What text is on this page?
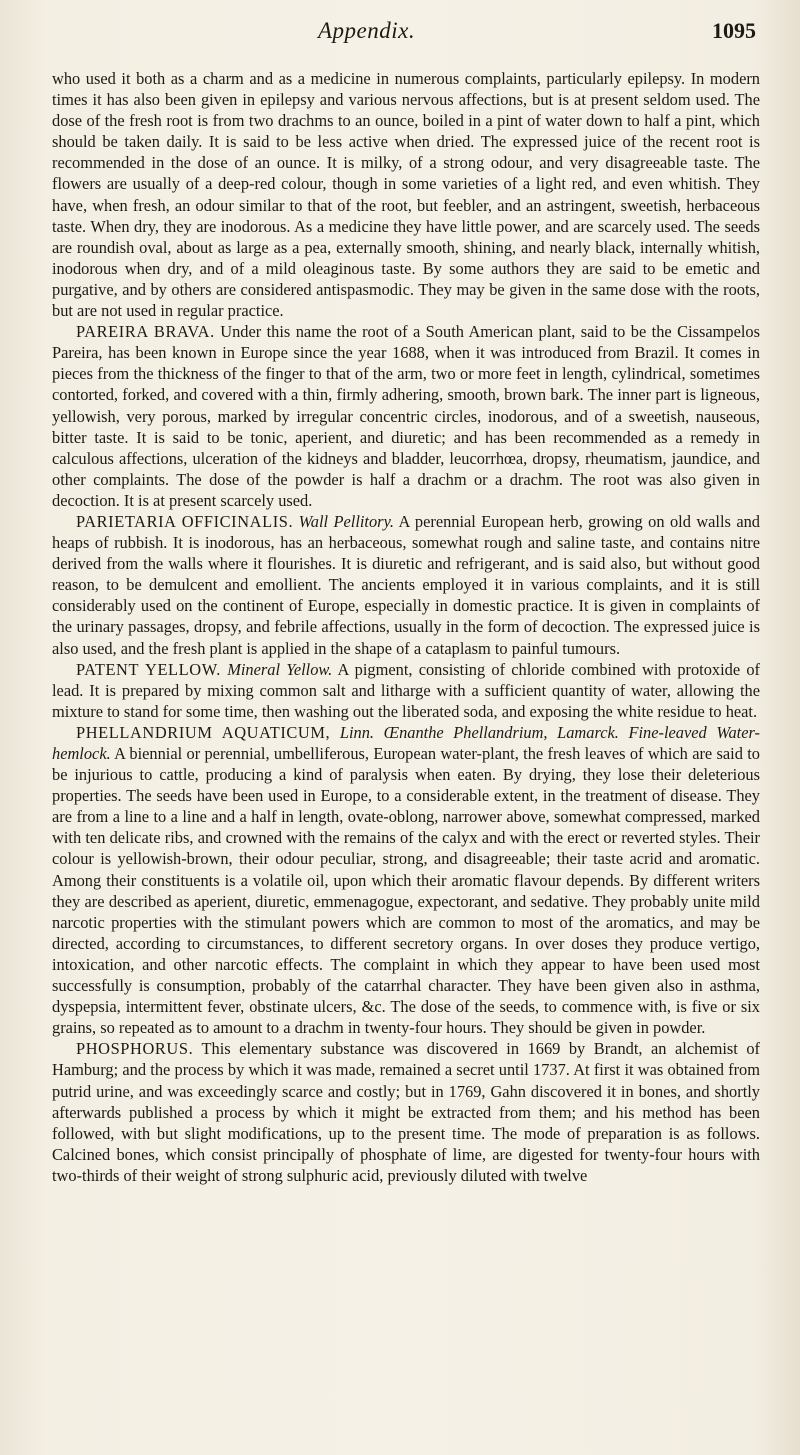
Appendix.	1095

who used it both as a charm and as a medicine in numerous complaints, particularly epilepsy. In modern times it has also been given in epilepsy and various nervous affections, but is at present seldom used. The dose of the fresh root is from two drachms to an ounce, boiled in a pint of water down to half a pint, which should be taken daily. It is said to be less active when dried. The expressed juice of the recent root is recommended in the dose of an ounce. It is milky, of a strong odour, and very disagreeable taste. The flowers are usually of a deep-red colour, though in some varieties of a light red, and even whitish. They have, when fresh, an odour similar to that of the root, but feebler, and an astringent, sweetish, herbaceous taste. When dry, they are inodorous. As a medicine they have little power, and are scarcely used. The seeds are roundish oval, about as large as a pea, externally smooth, shining, and nearly black, internally whitish, inodorous when dry, and of a mild oleaginous taste. By some authors they are said to be emetic and purgative, and by others are considered antispasmodic. They may be given in the same dose with the roots, but are not used in regular practice.

PAREIRA BRAVA. Under this name the root of a South American plant, said to be the Cissampelos Pareira, has been known in Europe since the year 1688, when it was introduced from Brazil. It comes in pieces from the thickness of the finger to that of the arm, two or more feet in length, cylindrical, sometimes contorted, forked, and covered with a thin, firmly adhering, smooth, brown bark. The inner part is ligneous, yellowish, very porous, marked by irregular concentric circles, inodorous, and of a sweetish, nauseous, bitter taste. It is said to be tonic, aperient, and diuretic; and has been recommended as a remedy in calculous affections, ulceration of the kidneys and bladder, leucorrhœa, dropsy, rheumatism, jaundice, and other complaints. The dose of the powder is half a drachm or a drachm. The root was also given in decoction. It is at present scarcely used.

PARIETARIA OFFICINALIS. Wall Pellitory. A perennial European herb, growing on old walls and heaps of rubbish. It is inodorous, has an herbaceous, somewhat rough and saline taste, and contains nitre derived from the walls where it flourishes. It is diuretic and refrigerant, and is said also, but without good reason, to be demulcent and emollient. The ancients employed it in various complaints, and it is still considerably used on the continent of Europe, especially in domestic practice. It is given in complaints of the urinary passages, dropsy, and febrile affections, usually in the form of decoction. The expressed juice is also used, and the fresh plant is applied in the shape of a cataplasm to painful tumours.

PATENT YELLOW. Mineral Yellow. A pigment, consisting of chloride combined with protoxide of lead. It is prepared by mixing common salt and litharge with a sufficient quantity of water, allowing the mixture to stand for some time, then washing out the liberated soda, and exposing the white residue to heat.

PHELLANDRIUM AQUATICUM, Linn. Œnanthe Phellandrium, Lamarck. Fine-leaved Water-hemlock. A biennial or perennial, umbelliferous, European water-plant, the fresh leaves of which are said to be injurious to cattle, producing a kind of paralysis when eaten. By drying, they lose their deleterious properties. The seeds have been used in Europe, to a considerable extent, in the treatment of disease. They are from a line to a line and a half in length, ovate-oblong, narrower above, somewhat compressed, marked with ten delicate ribs, and crowned with the remains of the calyx and with the erect or reverted styles. Their colour is yellowish-brown, their odour peculiar, strong, and disagreeable; their taste acrid and aromatic. Among their constituents is a volatile oil, upon which their aromatic flavour depends. By different writers they are described as aperient, diuretic, emmenagogue, expectorant, and sedative. They probably unite mild narcotic properties with the stimulant powers which are common to most of the aromatics, and may be directed, according to circumstances, to different secretory organs. In over doses they produce vertigo, intoxication, and other narcotic effects. The complaint in which they appear to have been used most successfully is consumption, probably of the catarrhal character. They have been given also in asthma, dyspepsia, intermittent fever, obstinate ulcers, &c. The dose of the seeds, to commence with, is five or six grains, so repeated as to amount to a drachm in twenty-four hours. They should be given in powder.

PHOSPHORUS. This elementary substance was discovered in 1669 by Brandt, an alchemist of Hamburg; and the process by which it was made, remained a secret until 1737. At first it was obtained from putrid urine, and was exceedingly scarce and costly; but in 1769, Gahn discovered it in bones, and shortly afterwards published a process by which it might be extracted from them; and his method has been followed, with but slight modifications, up to the present time. The mode of preparation is as follows. Calcined bones, which consist principally of phosphate of lime, are digested for twenty-four hours with two-thirds of their weight of strong sulphuric acid, previously diluted with twelve
